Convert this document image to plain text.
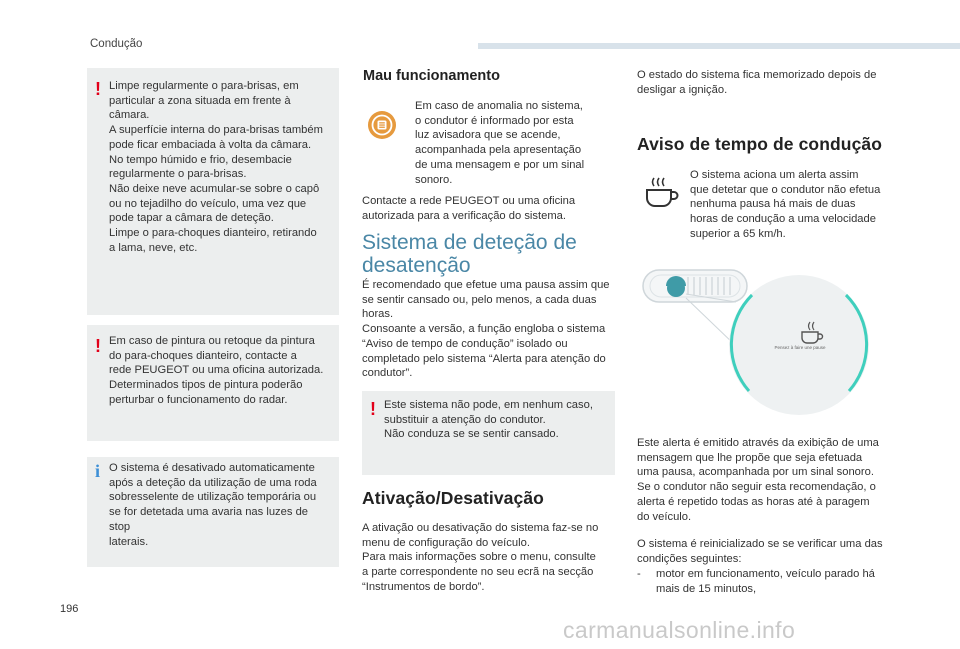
Condução
! Limpe regularmente o para-brisas, em

particular a zona situada em frente à

câmara.

A superfície interna do para-brisas também

pode ficar embaciada à volta da câmara.

No tempo húmido e frio, desembacie

regularmente o para-brisas.

Não deixe neve acumular-se sobre o capô

ou no tejadilho do veículo, uma vez que

pode tapar a câmara de deteção.

Limpe o para-choques dianteiro, retirando

a lama, neve, etc.

! Em caso de pintura ou retoque da pintura

do para-choques dianteiro, contacte a

rede PEUGEOT ou uma oficina autorizada.

Determinados tipos de pintura poderão

perturbar o funcionamento do radar.

i O sistema é desativado automaticamente

após a deteção da utilização de uma roda

sobresselente de utilização temporária ou

se for detetada uma avaria nas luzes de stop

laterais.

Mau funcionamento

Em caso de anomalia no sistema,

o condutor é informado por esta

luz avisadora que se acende,

acompanhada pela apresentação

de uma mensagem e por um sinal

sonoro.

Contacte a rede PEUGEOT ou uma oficina

autorizada para a verificação do sistema.

Sistema de deteção de
desatenção

É recomendado que efetue uma pausa assim que

se sentir cansado ou, pelo menos, a cada duas

horas.

Consoante a versão, a função engloba o sistema

“Aviso de tempo de condução” isolado ou

completado pelo sistema “Alerta para atenção do

condutor”.

! Este sistema não pode, em nenhum caso,

substituir a atenção do condutor.

Não conduza se se sentir cansado.

Ativação/Desativação

A ativação ou desativação do sistema faz-se no

menu de configuração do veículo.

Para mais informações sobre o menu, consulte

a parte correspondente no seu ecrã na secção

“Instrumentos de bordo”.

O estado do sistema fica memorizado depois de

desligar a ignição.

Aviso de tempo de condução

O sistema aciona um alerta assim

que detetar que o condutor não efetua

nenhuma pausa há mais de duas

horas de condução a uma velocidade

superior a 65 km/h.

Pensez à faire une pause

Este alerta é emitido através da exibição de uma

mensagem que lhe propõe que seja efetuada

uma pausa, acompanhada por um sinal sonoro.

Se o condutor não seguir esta recomendação, o

alerta é repetido todas as horas até à paragem

do veículo.

O sistema é reinicializado se se verificar uma das

condições seguintes:

- motor em funcionamento, veículo parado há

mais de 15 minutos,

196
carmanualsonline.info
